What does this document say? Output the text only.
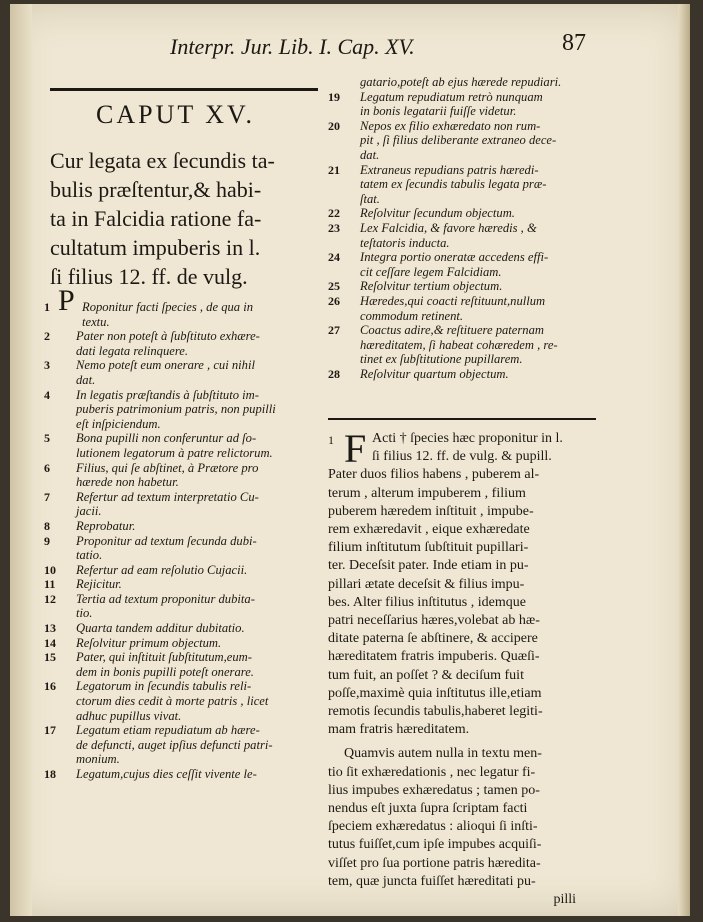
Interpr. Jur. Lib. I. Cap. XV.	87
CAPUT XV.
Cur legata ex ſecundis ta-
bulis præſtentur,& habi-
ta in Falcidia ratione fa-
cultatum impuberis in l.
ſi filius 12. ff. de vulg.
1 P Roponitur facti ſpecies , de qua in
textu.
2 Pater non poteſt à ſubſtituto exhære-
dati legata relinquere.
3 Nemo poteſt eum onerare , cui nihil
dat.
4 In legatis præſtandis à ſubſtituto im-
puberis patrimonium patris, non pupilli
eſt inſpiciendum.
5 Bona pupilli non conferuntur ad ſo-
lutionem legatorum à patre relictorum.
6 Filius, qui ſe abſtinet, à Prætore pro
hærede non habetur.
7 Refertur ad textum interpretatio Cu-
jacii.
8 Reprobatur.
9 Proponitur ad textum ſecunda dubi-
tatio.
10 Refertur ad eam reſolutio Cujacii.
11 Rejicitur.
12 Tertia ad textum proponitur dubita-
tio.
13 Quarta tandem additur dubitatio.
14 Reſolvitur primum objectum.
15 Pater, qui inſtituit ſubſtitutum,eum-
dem in bonis pupilli poteſt onerare.
16 Legatorum in ſecundis tabulis reli-
ctorum dies cedit à morte patris , licet
adhuc pupillus vivat.
17 Legatum etiam repudiatum ab hære-
de defuncti, auget ipſius defuncti patri-
monium.
18 Legatum,cujus dies ceſſit vivente le-
gatario,poteſt ab ejus hærede repudiari.
19 Legatum repudiatum retrò nunquam
in bonis legatarii fuiſſe videtur.
20 Nepos ex filio exhæredato non rum-
pit , ſi filius deliberante extraneo dece-
dat.
21 Extraneus repudians patris hæredi-
tatem ex ſecundis tabulis legata præ-
ſtat.
22 Reſolvitur ſecundum objectum.
23 Lex Falcidia, & favore hæredis , &
teſtatoris inducta.
24 Integra portio oneratæ accedens effi-
cit ceſſare legem Falcidiam.
25 Reſolvitur tertium objectum.
26 Hæredes,qui coacti reſtituunt,nullum
commodum retinent.
27 Coactus adire,& reſtituere paternam
hæreditatem, ſi habeat cohæredem , re-
tinet ex ſubſtitutione pupillarem.
28 Reſolvitur quartum objectum.
1 F Acti † ſpecies hæc proponitur in l.
ſi filius 12. ff. de vulg. & pupill.
Pater duos filios habens , puberem al-
terum , alterum impuberem , filium
puberem hæredem inſtituit , impube-
rem exhæredavit , eique exhæredate
filium inſtitutum ſubſtituit pupillari-
ter. Deceſsit pater. Inde etiam in pu-
pillari ætate deceſsit & filius impu-
bes. Alter filius inſtitutus , idemque
patri neceſſarius hæres,volebat ab hæ-
ditate paterna ſe abſtinere, & accipere
hæreditatem fratris impuberis. Quæſi-
tum fuit, an poſſet ? & deciſum fuit
poſſe,maximè quia inſtitutus ille,etiam
remotis ſecundis tabulis,haberet legiti-
mam fratris hæreditatem.
Quamvis autem nulla in textu men-
tio ſit exhæredationis , nec legatur fi-
lius impubes exhæredatus ; tamen po-
nendus eſt juxta ſupra ſcriptam facti
ſpeciem exhæredatus : alioqui ſi inſti-
tutus fuiſſet,cum ipſe impubes acquiſi-
viſſet pro ſua portione patris hæredita-
tem, quæ juncta fuiſſet hæreditati pu-
pilli
